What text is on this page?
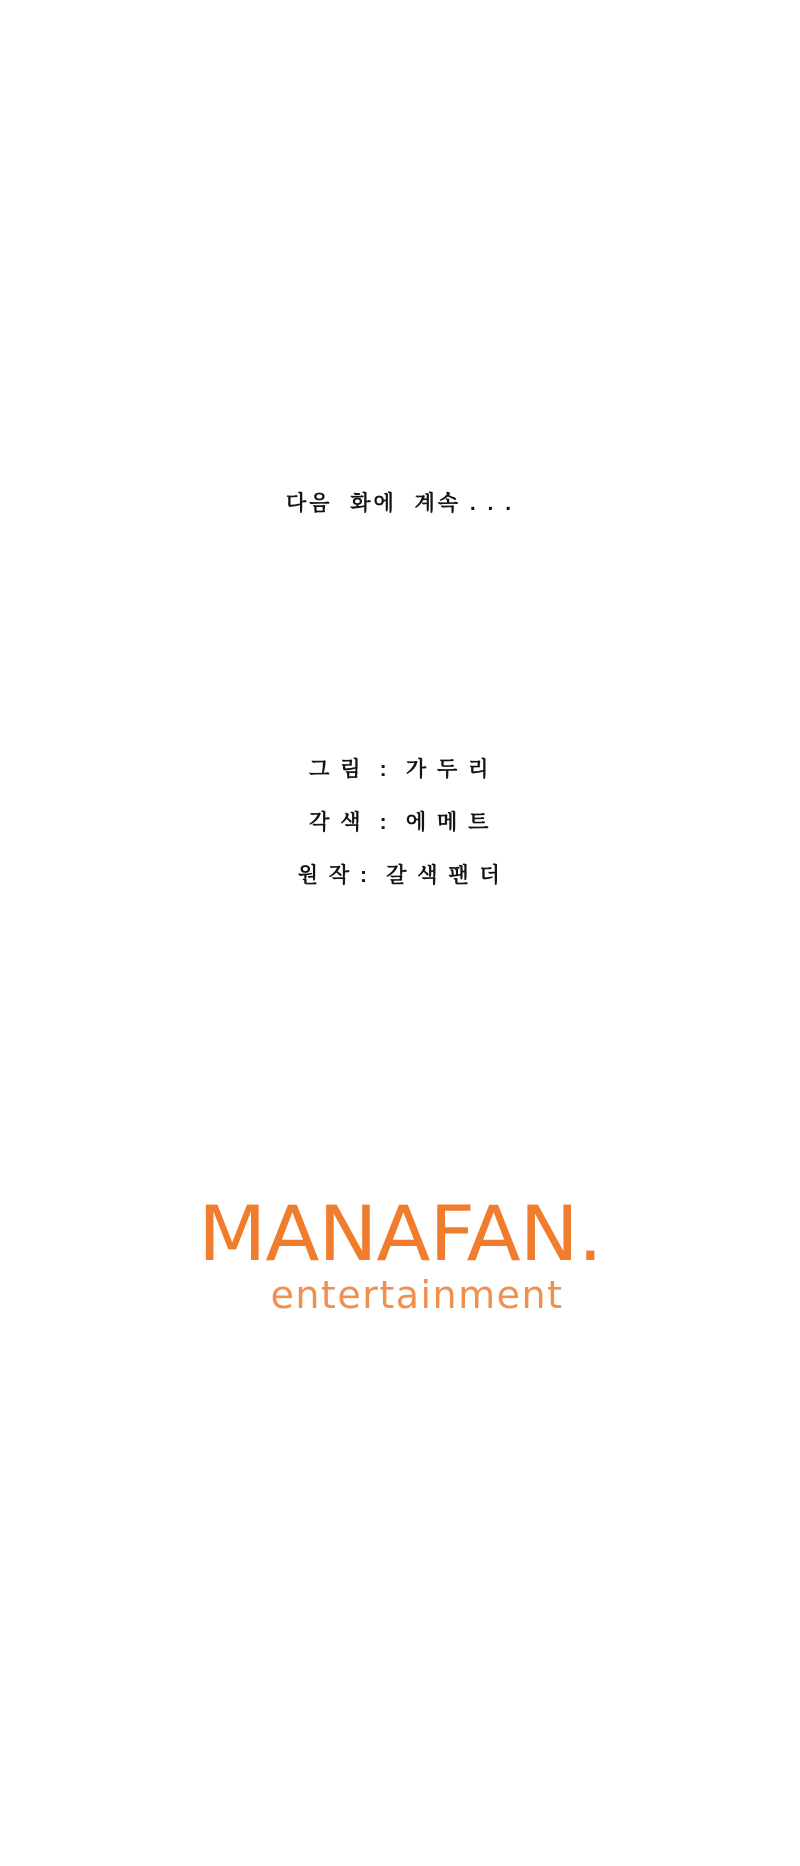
다음  화에  계속 . . .

그 림  :  가 두 리

각 색  :  에 메 트

원 작 :  갈 색 팬 더

MANAFAN.
entertainment
